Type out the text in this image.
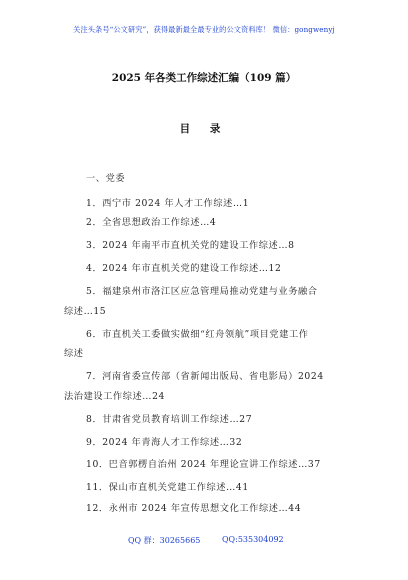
关注头条号“公文研究”，获得最新最全最专业的公文资料库！ 微信：gongwenyj
2025 年各类工作综述汇编（109 篇）
目 录
一、党委
1．西宁市 2024 年人才工作综述…1
2．全省思想政治工作综述…4
3．2024 年南平市直机关党的建设工作综述…8
4．2024 年市直机关党的建设工作综述…12
5．福建泉州市洛江区应急管理局推动党建与业务融合
综述…15
6．市直机关工委做实做细“红舟领航”项目党建工作
综述
7．河南省委宣传部（省新闻出版局、省电影局）2024
法治建设工作综述…24
8．甘肃省党员教育培训工作综述…27
9．2024 年青海人才工作综述…32
10．巴音郭楞自治州 2024 年理论宣讲工作综述…37
11．保山市直机关党建工作综述…41
12．永州市 2024 年宣传思想文化工作综述…44
QQ 群：30265665	QQ:535304092
